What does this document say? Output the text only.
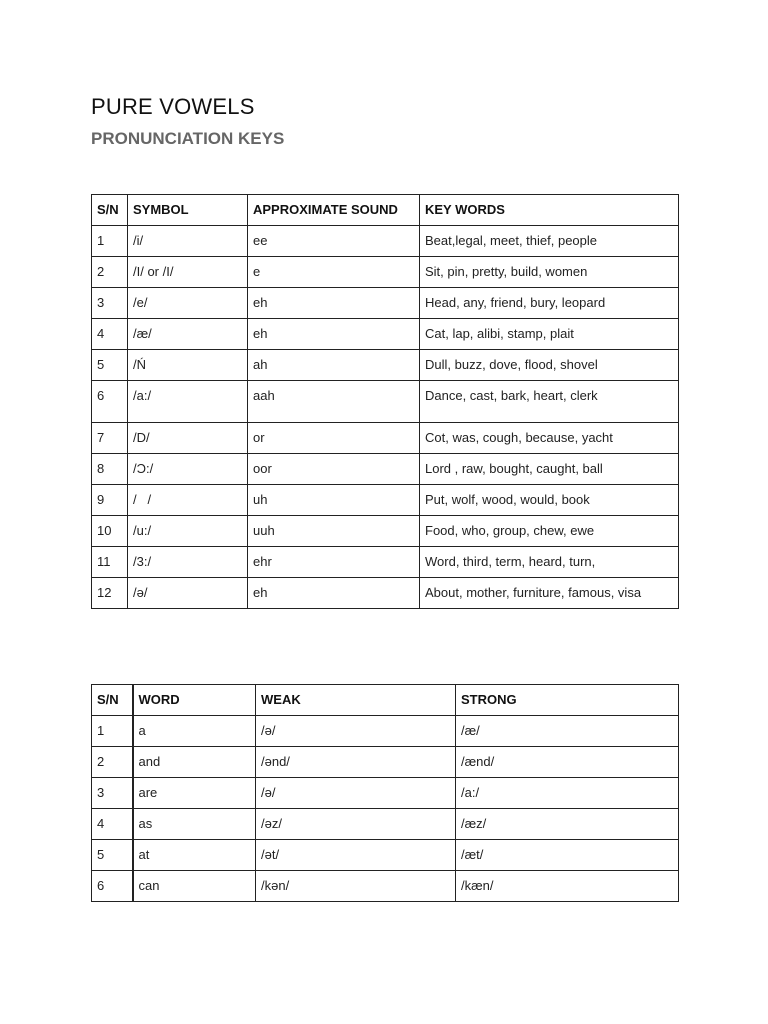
PURE VOWELS
PRONUNCIATION KEYS
S/N	SYMBOL	APPROXIMATE SOUND	KEY WORDS
1	/i/	ee	Beat,legal, meet, thief, people
2	/I/ or /I/	e	Sit, pin, pretty, build, women
3	/e/	eh	Head, any, friend, bury, leopard
4	/æ/	eh	Cat, lap, alibi, stamp, plait
5	/Ń	ah	Dull, buzz, dove, flood, shovel
6	/a:/	aah	Dance, cast, bark, heart, clerk
7	/D/	or	Cot, was, cough, because, yacht
8	/Ɔ:/	oor	Lord , raw, bought, caught, ball
9	/   /	uh	Put, wolf, wood, would, book
10	/u:/	uuh	Food, who, group, chew, ewe
11	/3:/	ehr	Word, third, term, heard, turn,
12	/ə/	eh	About, mother, furniture, famous, visa
S/N	WORD	WEAK	STRONG
1	a	/ə/	/æ/
2	and	/ənd/	/ænd/
3	are	/ə/	/a:/
4	as	/əz/	/æz/
5	at	/ət/	/æt/
6	can	/kən/	/kæn/
